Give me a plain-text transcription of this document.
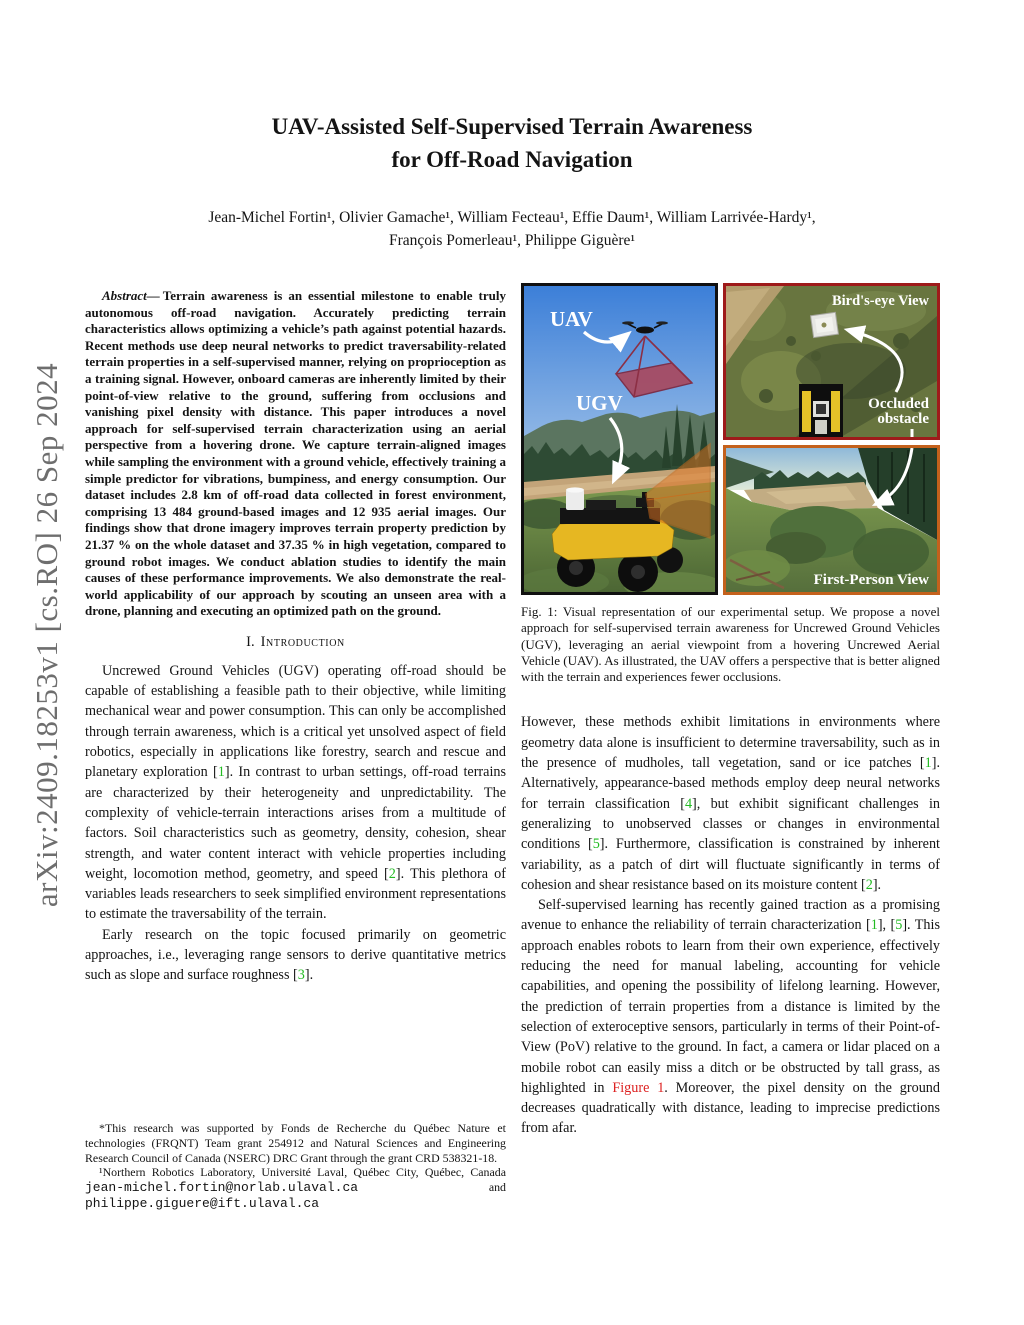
arXiv:2409.18253v1 [cs.RO] 26 Sep 2024
UAV-Assisted Self-Supervised Terrain Awareness
for Off-Road Navigation
Jean-Michel Fortin¹, Olivier Gamache¹, William Fecteau¹, Effie Daum¹, William Larrivée-Hardy¹,
François Pomerleau¹, Philippe Giguère¹

Abstract— Terrain awareness is an essential milestone to enable truly autonomous off-road navigation. Accurately predicting terrain characteristics allows optimizing a vehicle’s path against potential hazards. Recent methods use deep neural networks to predict traversability-related terrain properties in a self-supervised manner, relying on proprioception as a training signal. However, onboard cameras are inherently limited by their point-of-view relative to the ground, suffering from occlusions and vanishing pixel density with distance. This paper introduces a novel approach for self-supervised terrain characterization using an aerial perspective from a hovering drone. We capture terrain-aligned images while sampling the environment with a ground vehicle, effectively training a simple predictor for vibrations, bumpiness, and energy consumption. Our dataset includes 2.8 km of off-road data collected in forest environment, comprising 13 484 ground-based images and 12 935 aerial images. Our findings show that drone imagery improves terrain property prediction by 21.37 % on the whole dataset and 37.35 % in high vegetation, compared to ground robot images. We conduct ablation studies to identify the main causes of these performance improvements. We also demonstrate the real-world applicability of our approach by scouting an unseen area with a drone, planning and executing an optimized path on the ground.

I. Introduction

Uncrewed Ground Vehicles (UGV) operating off-road should be capable of establishing a feasible path to their objective, while limiting mechanical wear and power consumption. This can only be accomplished through terrain awareness, which is a critical yet unsolved aspect of field robotics, especially in applications like forestry, search and rescue and planetary exploration [1]. In contrast to urban settings, off-road terrains are characterized by their heterogeneity and unpredictability. The complexity of vehicle-terrain interactions arises from a multitude of factors. Soil characteristics such as geometry, density, cohesion, shear strength, and water content interact with vehicle properties including weight, locomotion method, geometry, and speed [2]. This plethora of variables leads researchers to seek simplified environment representations to estimate the traversability of the terrain.

Early research on the topic focused primarily on geometric approaches, i.e., leveraging range sensors to derive quantitative metrics such as slope and surface roughness [3].

UAV
UGV
Bird's-eye View
Occluded
obstacle
First-Person View

Fig. 1: Visual representation of our experimental setup. We propose a novel approach for self-supervised terrain awareness for Uncrewed Ground Vehicles (UGV), leveraging an aerial viewpoint from a hovering Uncrewed Aerial Vehicle (UAV). As illustrated, the UAV offers a perspective that is better aligned with the terrain and experiences fewer occlusions.

However, these methods exhibit limitations in environments where geometry data alone is insufficient to determine traversability, such as in the presence of mudholes, tall vegetation, sand or ice patches [1]. Alternatively, appearance-based methods employ deep neural networks for terrain classification [4], but exhibit significant challenges in generalizing to unobserved classes or changes in environmental conditions [5]. Furthermore, classification is constrained by inherent variability, as a patch of dirt will fluctuate significantly in terms of cohesion and shear resistance based on its moisture content [2].

Self-supervised learning has recently gained traction as a promising avenue to enhance the reliability of terrain characterization [1], [5]. This approach enables robots to learn from their own experience, effectively reducing the need for manual labeling, accounting for vehicle capabilities, and opening the possibility of lifelong learning. However, the prediction of terrain properties from a distance is limited by the selection of exteroceptive sensors, particularly in terms of their Point-of-View (PoV) relative to the ground. In fact, a camera or lidar placed on a mobile robot can easily miss a ditch or be obstructed by tall grass, as highlighted in Figure 1. Moreover, the pixel density on the ground decreases quadratically with distance, leading to imprecise predictions from afar.

*This research was supported by Fonds de Recherche du Québec Nature et technologies (FRQNT) Team grant 254912 and Natural Sciences and Engineering Research Council of Canada (NSERC) DRC Grant through the grant CRD 538321-18.

¹Northern Robotics Laboratory, Université Laval, Québec City, Québec, Canada jean-michel.fortin@norlab.ulaval.ca and philippe.giguere@ift.ulaval.ca
